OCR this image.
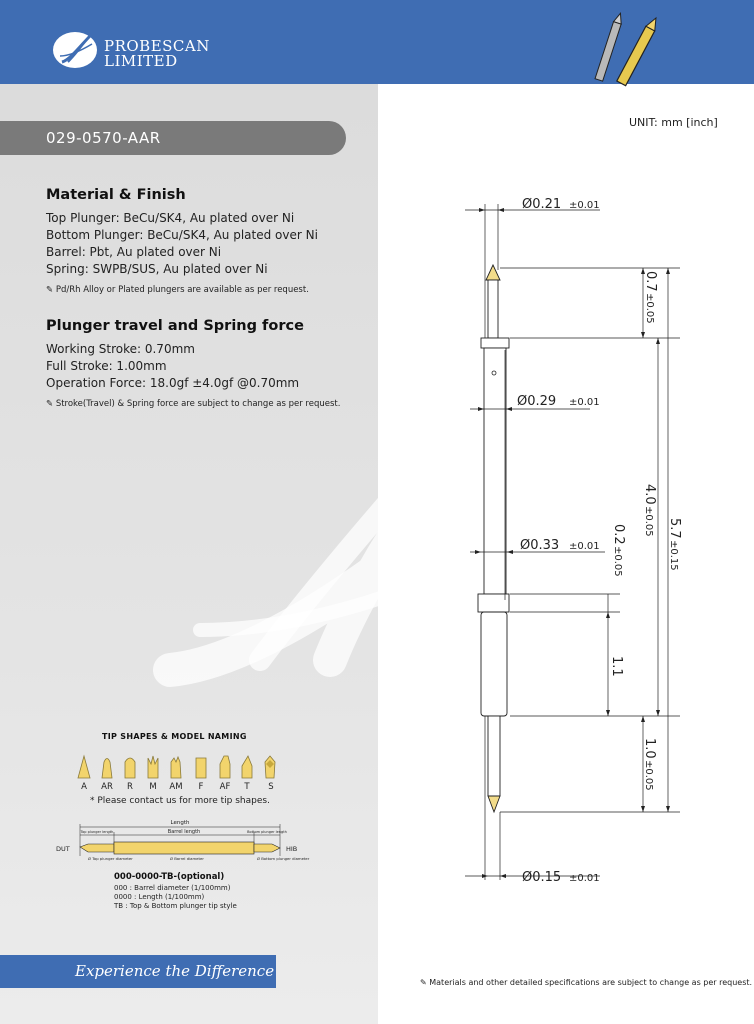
PROBESCAN
LIMITED
029-0570-AAR
UNIT: mm [inch]
Material & Finish
Top Plunger: BeCu/SK4, Au plated over Ni
Bottom Plunger: BeCu/SK4, Au plated over Ni
Barrel: Pbt, Au plated over Ni
Spring: SWPB/SUS, Au plated over Ni
✎ Pd/Rh Alloy or Plated plungers are available as per request.
Plunger travel and Spring force
Working Stroke: 0.70mm
Full Stroke: 1.00mm
Operation Force: 18.0gf ±4.0gf @0.70mm
✎ Stroke(Travel) & Spring force are subject to change as per request.
Ø0.21 ±0.01
Ø0.29 ±0.01
Ø0.33 ±0.01
Ø0.15 ±0.01
0.7
±0.05
4.0
±0.05 5.7
±0.15
0.2
±0.05
1.1
1.0
±0.05
TIP SHAPES & MODEL NAMING
A	AR	R	M	AM	F	AF	T	S
* Please contact us for more tip shapes.
Length
Top plunger length	Barrel length	Bottom plunger length
DUT	HIB
Ø Top plunger diameter	Ø Barrel diameter	Ø Bottom plunger diameter
000-0000-TB-(optional)
000 : Barrel diameter (1/100mm)
0000 : Length (1/100mm)
TB : Top & Bottom plunger tip style
Experience the Difference
✎ Materials and other detailed specifications are subject to change as per request.
